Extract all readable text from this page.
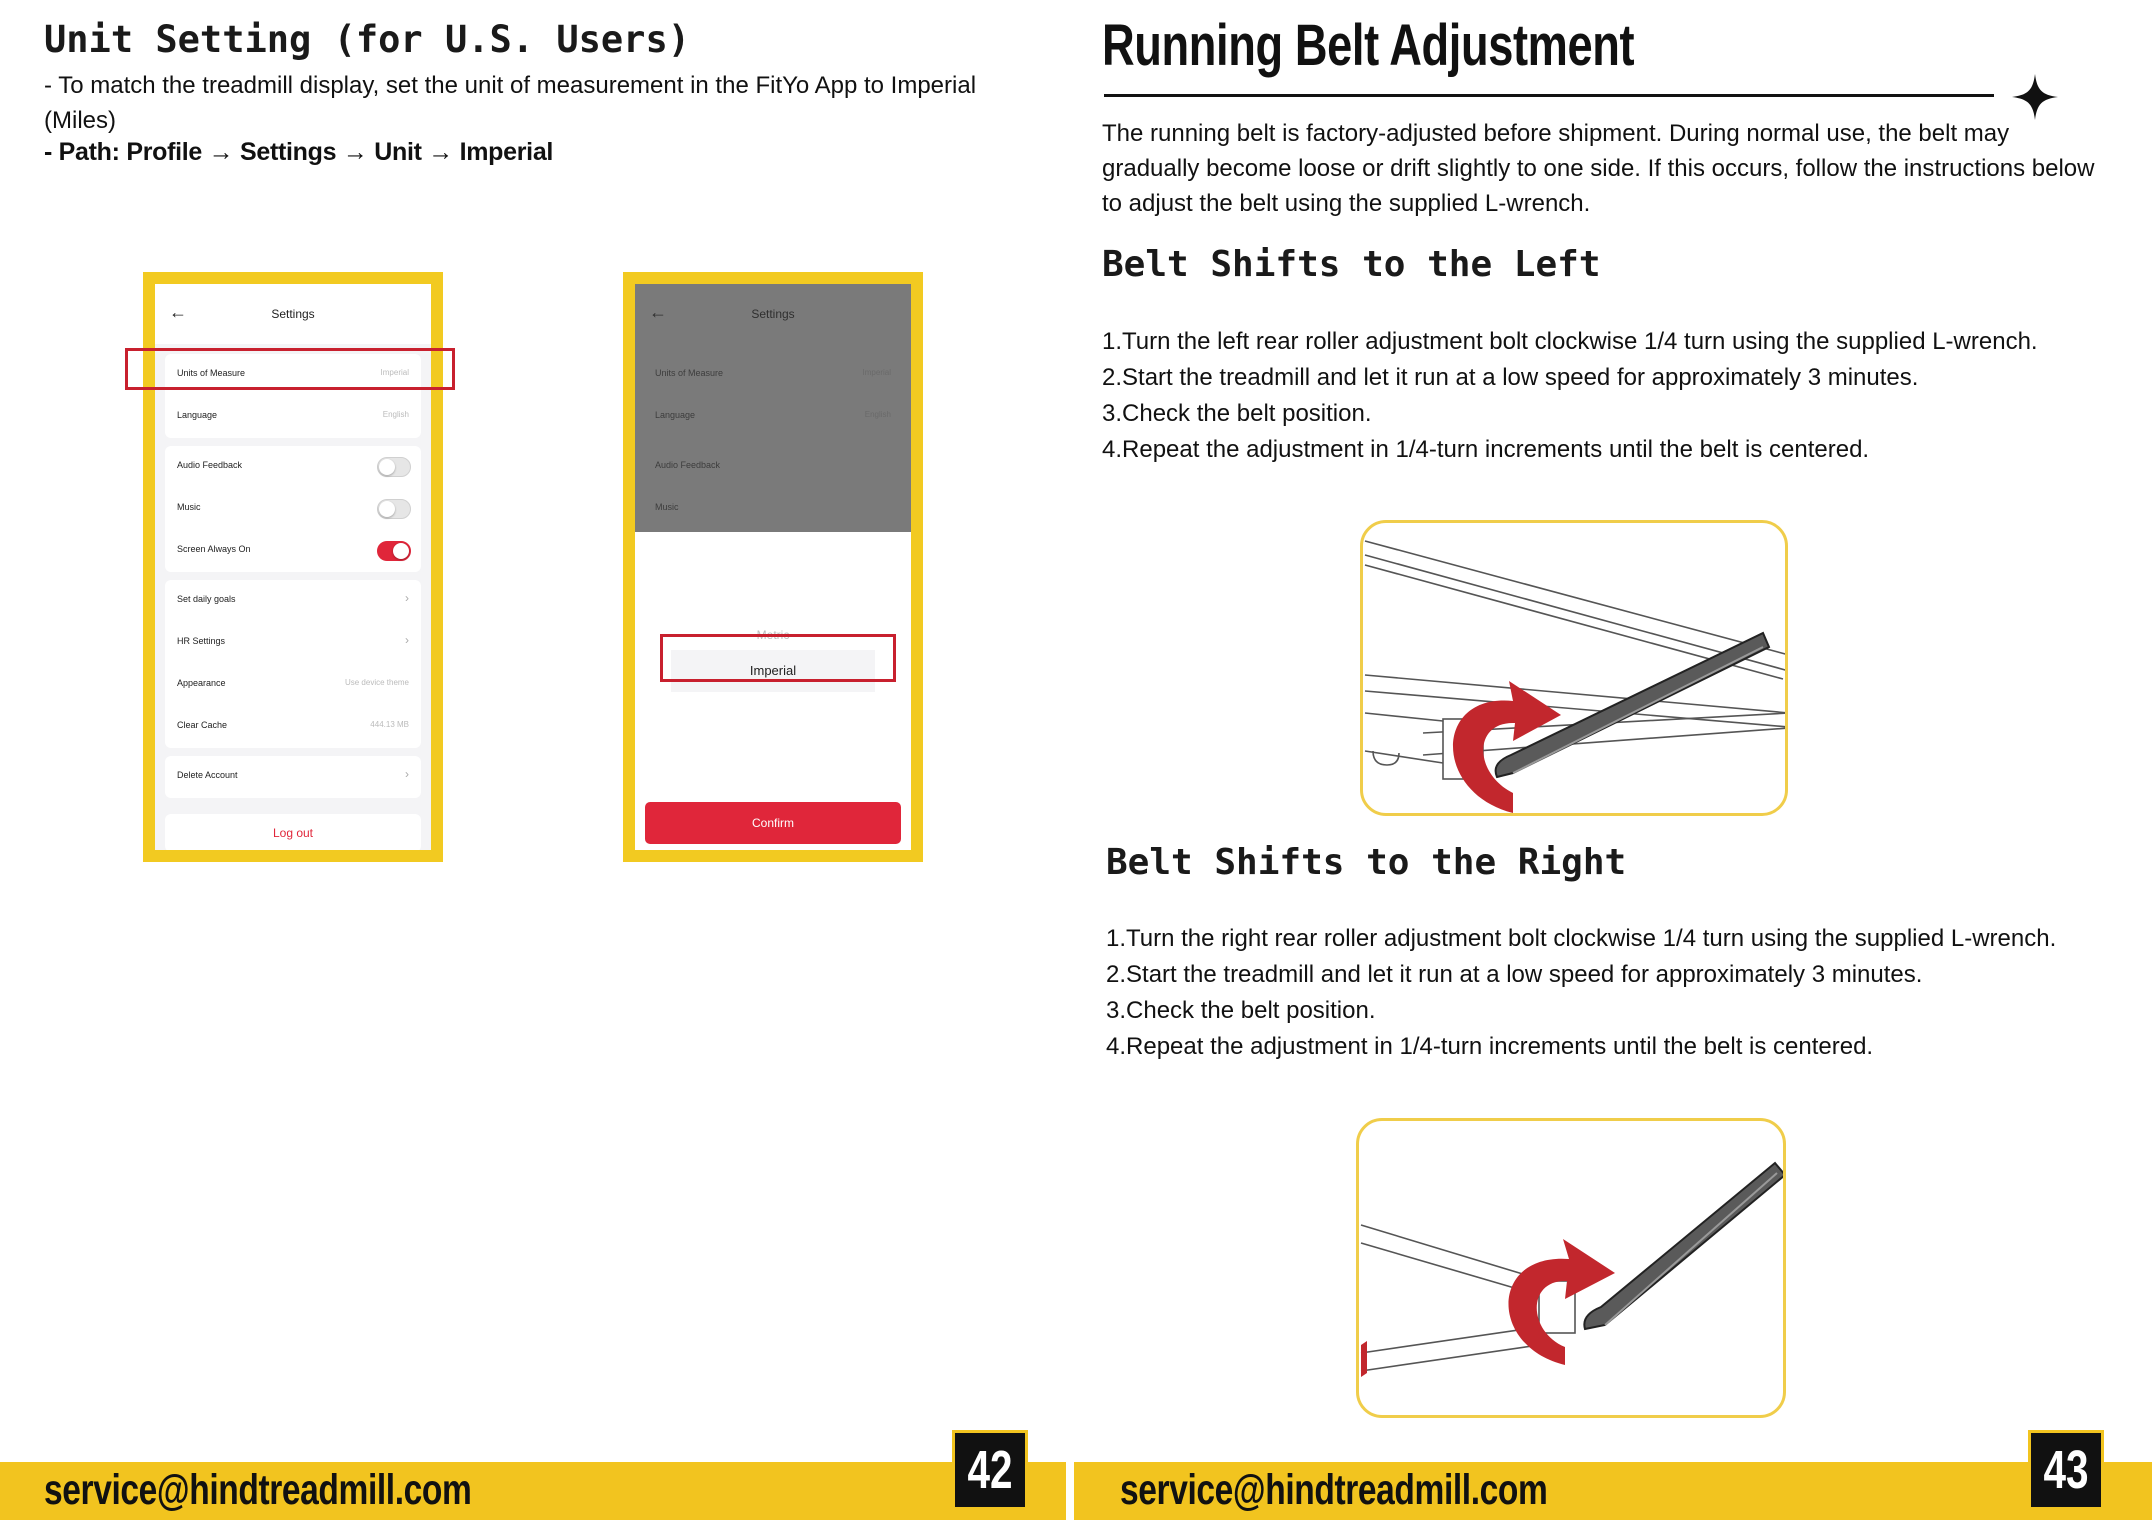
Unit Setting (for U.S. Users)
- To match the treadmill display, set the unit of measurement in the FitYo App to Imperial (Miles)
- Path: Profile → Settings → Unit → Imperial
←	Settings
Units of Measure	Imperial
Language	English
Audio Feedback
Music
Screen Always On
Set daily goals	›
HR Settings	›
Appearance	Use device theme
Clear Cache	444.13 MB
Delete Account	›
Log out
←	Settings
Units of Measure	Imperial
Language	English
Audio Feedback
Music
Metric
Imperial
Confirm
Running Belt Adjustment
The running belt is factory-adjusted before shipment. During normal use, the belt may gradually become loose or drift slightly to one side. If this occurs, follow the instructions below to adjust the belt using the supplied L-wrench.
Belt Shifts to the Left

1.Turn the left rear roller adjustment bolt clockwise 1/4 turn using the supplied L-wrench.

2.Start the treadmill and let it run at a low speed for approximately 3 minutes.

3.Check the belt position.

4.Repeat the adjustment in 1/4-turn increments until the belt is centered.

Belt Shifts to the Right

1.Turn the right rear roller adjustment bolt clockwise 1/4 turn using the supplied L-wrench.

2.Start the treadmill and let it run at a low speed for approximately 3 minutes.

3.Check the belt position.

4.Repeat the adjustment in 1/4-turn increments until the belt is centered.

service@hindtreadmill.com	service@hindtreadmill.com
42	43
